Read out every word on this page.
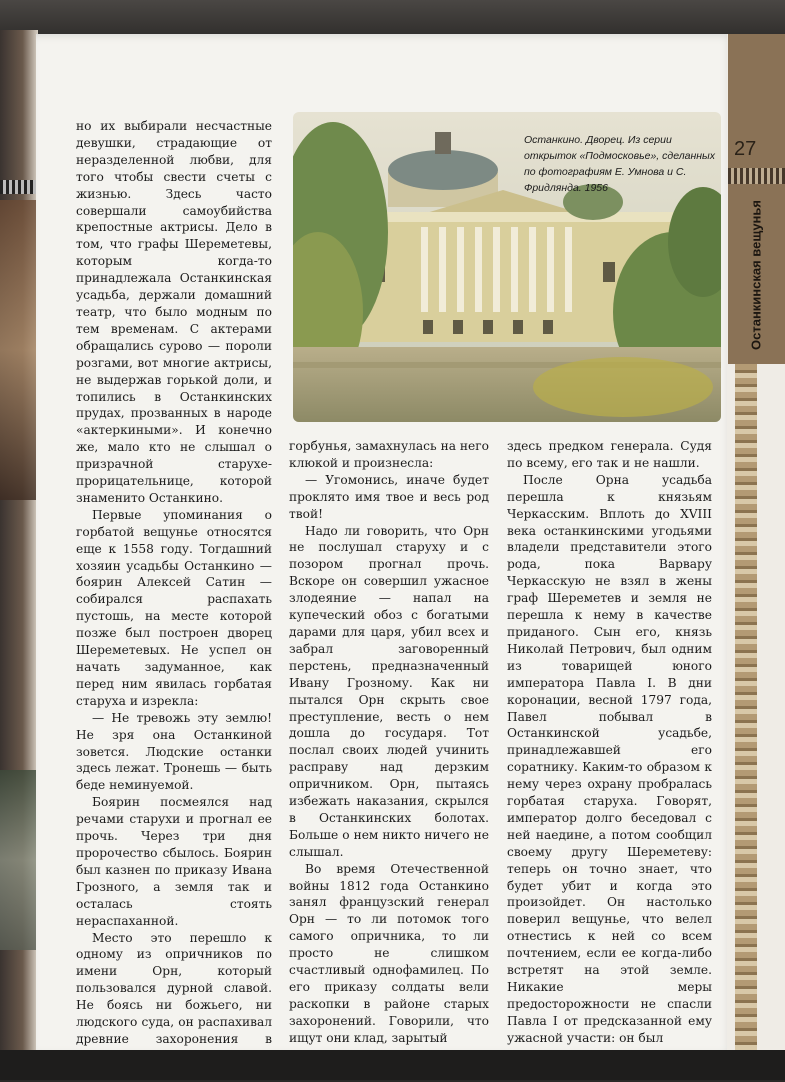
27
Останкинская вещунья
Останкино. Дворец. Из серии открыток «Подмосковье», сделанных по фотографиям Е. Умнова и С. Фридлянда. 1956

но их выбирали несчастные девушки, страдающие от неразделенной любви, для того чтобы свести счеты с жизнью. Здесь часто совершали самоубийства крепостные актрисы. Дело в том, что графы Шереметевы, которым когда-то принадлежала Останкинская усадьба, держали домашний театр, что было модным по тем временам. С актерами обращались сурово — пороли розгами, вот многие актрисы, не выдержав горькой доли, и топились в Останкинских прудах, прозванных в народе «актеркиными». И конечно же, мало кто не слышал о призрачной старухе-прорицательнице, которой знаменито Останкино.

Первые упоминания о горбатой вещунье относятся еще к 1558 году. Тогдашний хозяин усадьбы Останкино — боярин Алексей Сатин — собирался распахать пустошь, на месте которой позже был построен дворец Шереметевых. Не успел он начать задуманное, как перед ним явилась горбатая старуха и изрекла:

— Не тревожь эту землю! Не зря она Останкиной зовется. Людские останки здесь лежат. Тронешь — быть беде неминуемой.

Боярин посмеялся над речами старухи и прогнал ее прочь. Через три дня пророчество сбылось. Боярин был казнен по приказу Ивана Грозного, а земля так и осталась стоять нераспаханной.

Место это перешло к одному из опричников по имени Орн, который пользовался дурной славой. Не боясь ни божьего, ни людского суда, он распахивал древние захоронения в

горбунья, замахнулась на него клюкой и произнесла:

— Угомонись, иначе будет проклято имя твое и весь род твой!

Надо ли говорить, что Орн не послушал старуху и с позором прогнал прочь. Вскоре он совершил ужасное злодеяние — напал на купеческий обоз с богатыми дарами для царя, убил всех и забрал заговоренный перстень, предназначенный Ивану Грозному. Как ни пытался Орн скрыть свое преступление, весть о нем дошла до государя. Тот послал своих людей учинить расправу над дерзким опричником. Орн, пытаясь избежать наказания, скрылся в Останкинских болотах. Больше о нем никто ничего не слышал.

Во время Отечественной войны 1812 года Останкино занял французский генерал Орн — то ли потомок того самого опричника, то ли просто не слишком счастливый однофамилец. По его приказу солдаты вели раскопки в районе старых захоронений. Говорили, что ищут они клад, зарытый

здесь предком генерала. Судя по всему, его так и не нашли.

После Орна усадьба перешла к князьям Черкасским. Вплоть до XVIII века останкинскими угодьями владели представители этого рода, пока Варвару Черкасскую не взял в жены граф Шереметев и земля не перешла к нему в качестве приданого. Сын его, князь Николай Петрович, был одним из товарищей юного императора Павла I. В дни коронации, весной 1797 года, Павел побывал в Останкинской усадьбе, принадлежавшей его соратнику. Каким-то образом к нему через охрану пробралась горбатая старуха. Говорят, император долго беседовал с ней наедине, а потом сообщил своему другу Шереметеву: теперь он точно знает, что будет убит и когда это произойдет. Он настолько поверил вещунье, что велел отнестись к ней со всем почтением, если ее когда-либо встретят на этой земле. Никакие меры предосторожности не спасли Павла I от предсказанной ему ужасной участи: он был
